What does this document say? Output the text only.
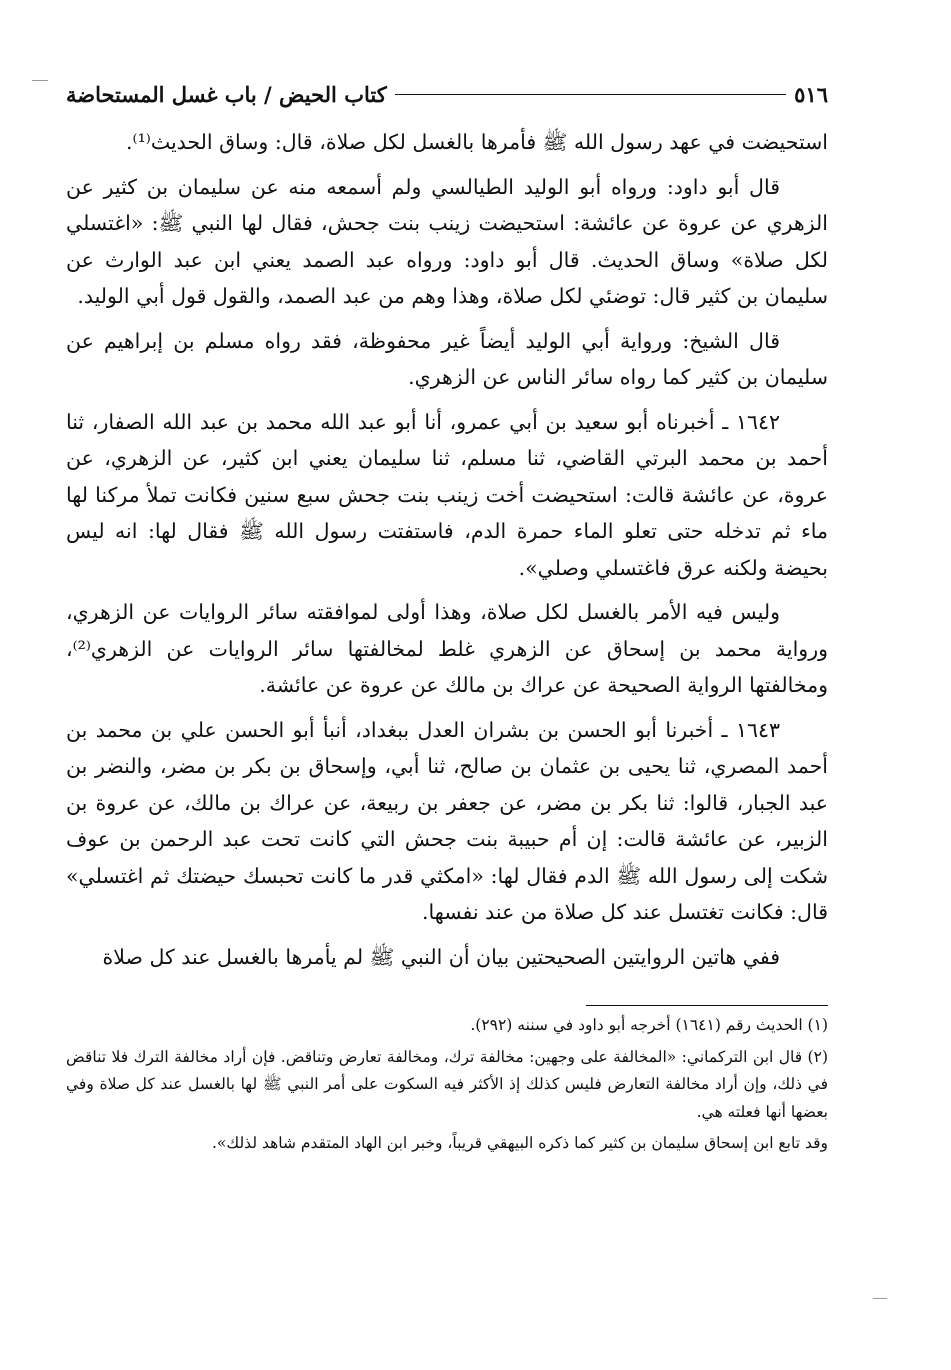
٥١٦
كتاب الحيض / باب غسل المستحاضة

استحيضت في عهد رسول الله ﷺ فأمرها بالغسل لكل صلاة، قال: وساق الحديث⁽¹⁾.

قال أبو داود: ورواه أبو الوليد الطيالسي ولم أسمعه منه عن سليمان بن كثير عن الزهري عن عروة عن عائشة: استحيضت زينب بنت جحش، فقال لها النبي ﷺ: «اغتسلي لكل صلاة» وساق الحديث. قال أبو داود: ورواه عبد الصمد يعني ابن عبد الوارث عن سليمان بن كثير قال: توضئي لكل صلاة، وهذا وهم من عبد الصمد، والقول قول أبي الوليد.

قال الشيخ: ورواية أبي الوليد أيضاً غير محفوظة، فقد رواه مسلم بن إبراهيم عن سليمان بن كثير كما رواه سائر الناس عن الزهري.

١٦٤٢ ـ أخبرناه أبو سعيد بن أبي عمرو، أنا أبو عبد الله محمد بن عبد الله الصفار، ثنا أحمد بن محمد البرتي القاضي، ثنا مسلم، ثنا سليمان يعني ابن كثير، عن الزهري، عن عروة، عن عائشة قالت: استحيضت أخت زينب بنت جحش سبع سنين فكانت تملأ مركنا لها ماء ثم تدخله حتى تعلو الماء حمرة الدم، فاستفتت رسول الله ﷺ فقال لها: انه ليس بحيضة ولكنه عرق فاغتسلي وصلي».

وليس فيه الأمر بالغسل لكل صلاة، وهذا أولى لموافقته سائر الروايات عن الزهري، ورواية محمد بن إسحاق عن الزهري غلط لمخالفتها سائر الروايات عن الزهري⁽²⁾، ومخالفتها الرواية الصحيحة عن عراك بن مالك عن عروة عن عائشة.

١٦٤٣ ـ أخبرنا أبو الحسن بن بشران العدل ببغداد، أنبأ أبو الحسن علي بن محمد بن أحمد المصري، ثنا يحيى بن عثمان بن صالح، ثنا أبي، وإسحاق بن بكر بن مضر، والنضر بن عبد الجبار، قالوا: ثنا بكر بن مضر، عن جعفر بن ربيعة، عن عراك بن مالك، عن عروة بن الزبير، عن عائشة قالت: إن أم حبيبة بنت جحش التي كانت تحت عبد الرحمن بن عوف شكت إلى رسول الله ﷺ الدم فقال لها: «امكثي قدر ما كانت تحبسك حيضتك ثم اغتسلي» قال: فكانت تغتسل عند كل صلاة من عند نفسها.

ففي هاتين الروايتين الصحيحتين بيان أن النبي ﷺ لم يأمرها بالغسل عند كل صلاة

(١) الحديث رقم (١٦٤١) أخرجه أبو داود في سننه (٢٩٢).

(٢) قال ابن التركماني: «المخالفة على وجهين: مخالفة ترك، ومخالفة تعارض وتناقض. فإن أراد مخالفة الترك فلا تناقض في ذلك، وإن أراد مخالفة التعارض فليس كذلك إذ الأكثر فيه السكوت على أمر النبي ﷺ لها بالغسل عند كل صلاة وفي بعضها أنها فعلته هي.

وقد تابع ابن إسحاق سليمان بن كثير كما ذكره البيهقي قريباً، وخبر ابن الهاد المتقدم شاهد لذلك».
